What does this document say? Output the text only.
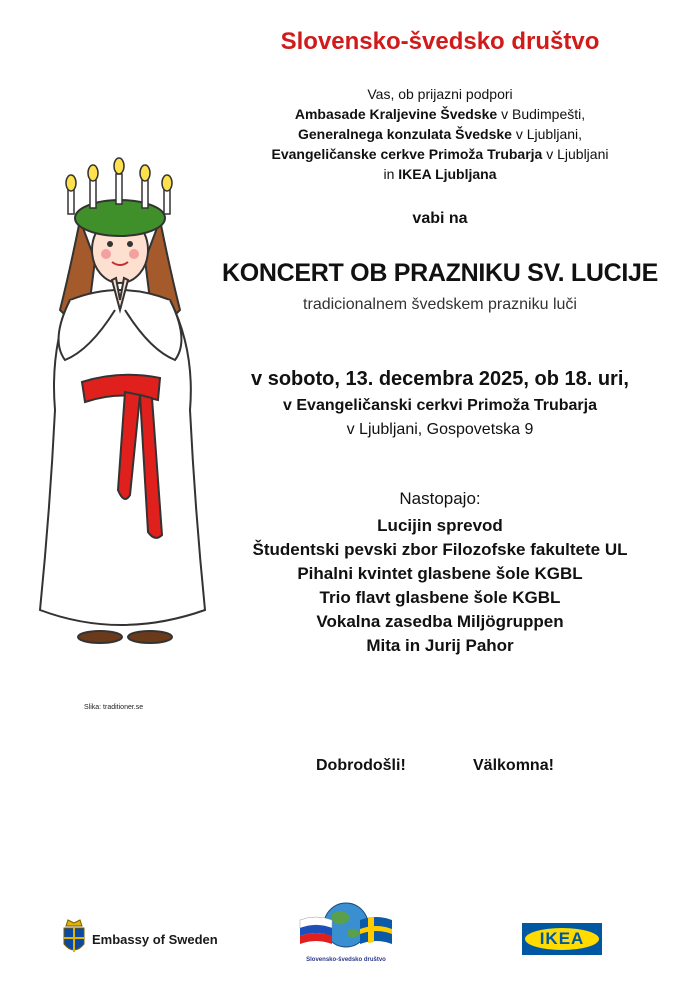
Slovensko-švedsko društvo
Vas, ob prijazni podpori
Ambasade Kraljevine Švedske v Budimpešti,
Generalnega konzulata Švedske v Ljubljani,
Evangeličanske cerkve Primoža Trubarja v Ljubljani
in IKEA Ljubljana
vabi na
KONCERT OB PRAZNIKU SV. LUCIJE
tradicionalnem švedskem prazniku luči
v soboto, 13. decembra 2025, ob 18. uri,
v Evangeličanski cerkvi Primoža Trubarja
v Ljubljani, Gospovetska 9
Nastopajo:
Lucijin sprevod
Študentski pevski zbor Filozofske fakultete UL
Pihalni kvintet glasbene šole KGBL
Trio flavt glasbene šole KGBL
Vokalna zasedba Miljögruppen
Mita in Jurij Pahor
Slika: traditioner.se
Dobrodošli!	Välkomna!
Embassy of Sweden
Slovensko-švedsko društvo
IKEA
